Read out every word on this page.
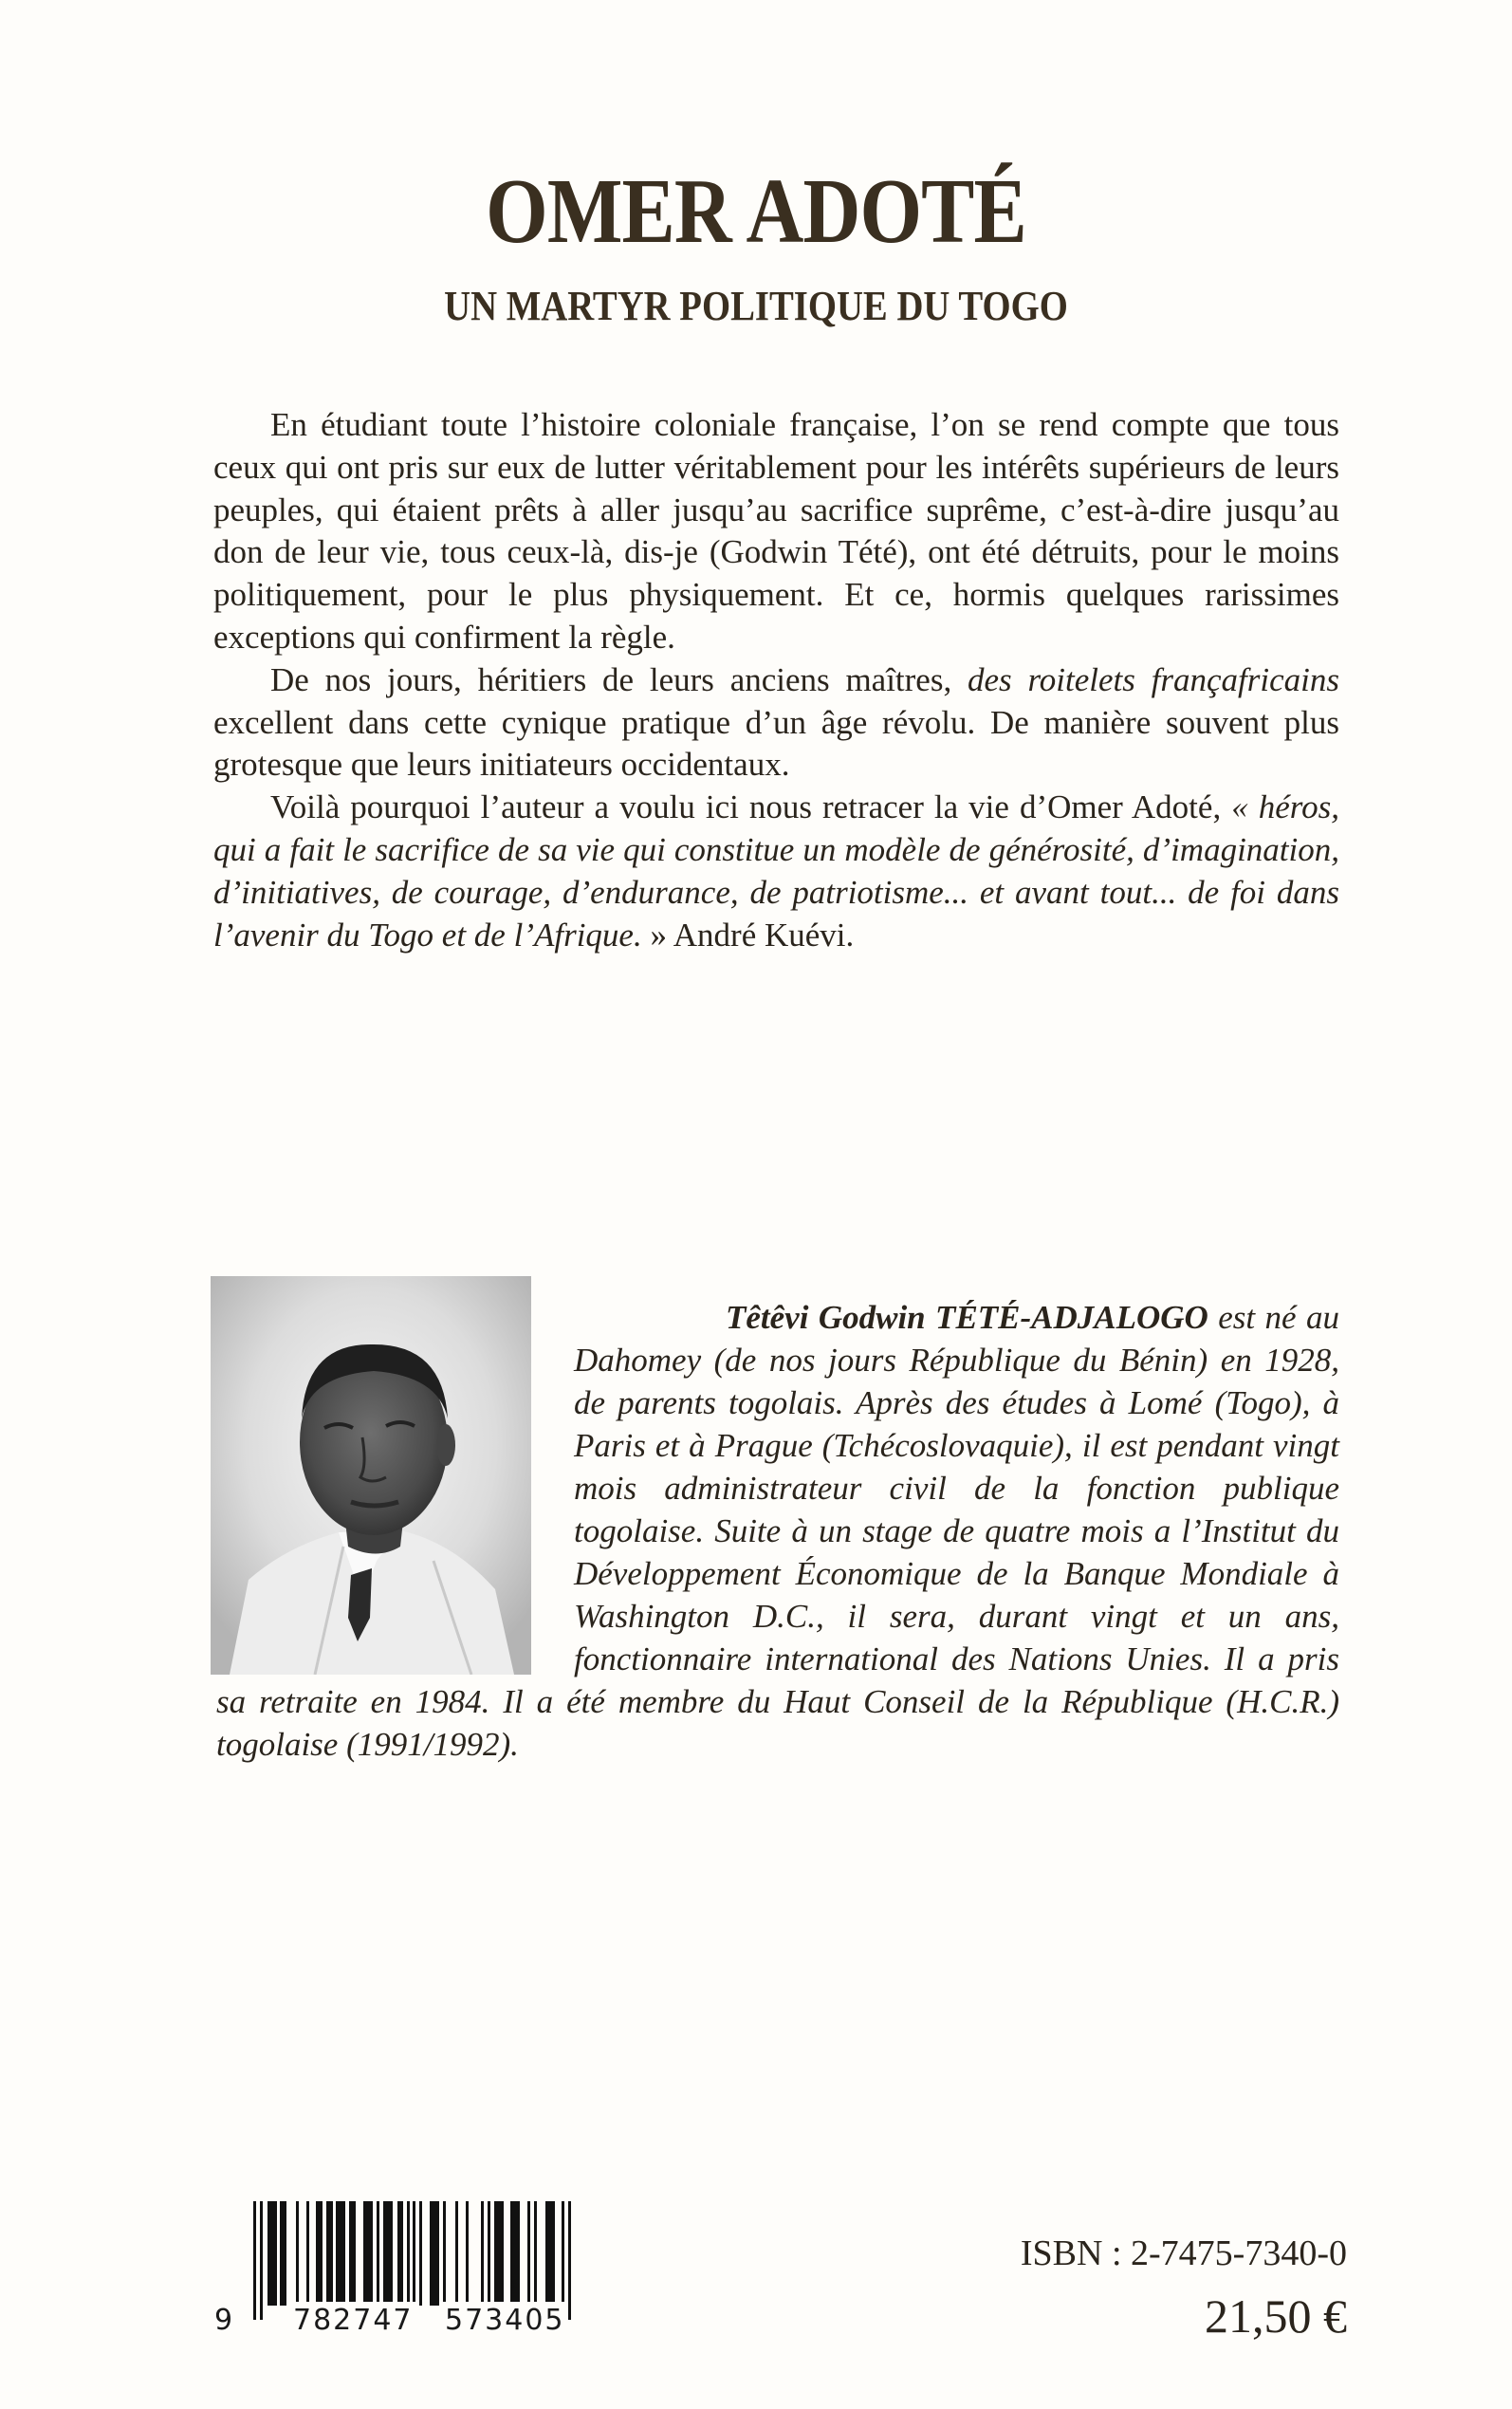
OMER ADOTÉ
UN MARTYR POLITIQUE DU TOGO

En étudiant toute l’histoire coloniale française, l’on se rend compte que tous ceux qui ont pris sur eux de lutter véritablement pour les intérêts supérieurs de leurs peuples, qui étaient prêts à aller jusqu’au sacrifice suprême, c’est-à-dire jusqu’au don de leur vie, tous ceux-là, dis-je (Godwin Tété), ont été détruits, pour le moins politiquement, pour le plus physiquement. Et ce, hormis quelques rarissimes exceptions qui confirment la règle.

De nos jours, héritiers de leurs anciens maîtres, des roitelets françafricains excellent dans cette cynique pratique d’un âge révolu. De manière souvent plus grotesque que leurs initiateurs occidentaux.

Voilà pourquoi l’auteur a voulu ici nous retracer la vie d’Omer Adoté, « héros, qui a fait le sacrifice de sa vie qui constitue un modèle de générosité, d’imagination, d’initiatives, de courage, d’endurance, de patriotisme... et avant tout... de foi dans l’avenir du Togo et de l’Afrique. » André Kuévi.

Têtêvi Godwin TÉTÉ-ADJALOGO est né au Dahomey (de nos jours République du Bénin) en 1928, de parents togolais. Après des études à Lomé (Togo), à Paris et à Prague (Tchécoslovaquie), il est pendant vingt mois administrateur civil de la fonction publique togolaise. Suite à un stage de quatre mois a l’Institut du Développement Économique de la Banque Mondiale à Washington D.C., il sera, durant vingt et un ans, fonctionnaire international des Nations Unies. Il a pris sa retraite en 1984. Il a été membre du Haut Conseil de la République (H.C.R.) togolaise (1991/1992).

9 782747 573405
ISBN : 2-7475-7340-0
21,50 €
